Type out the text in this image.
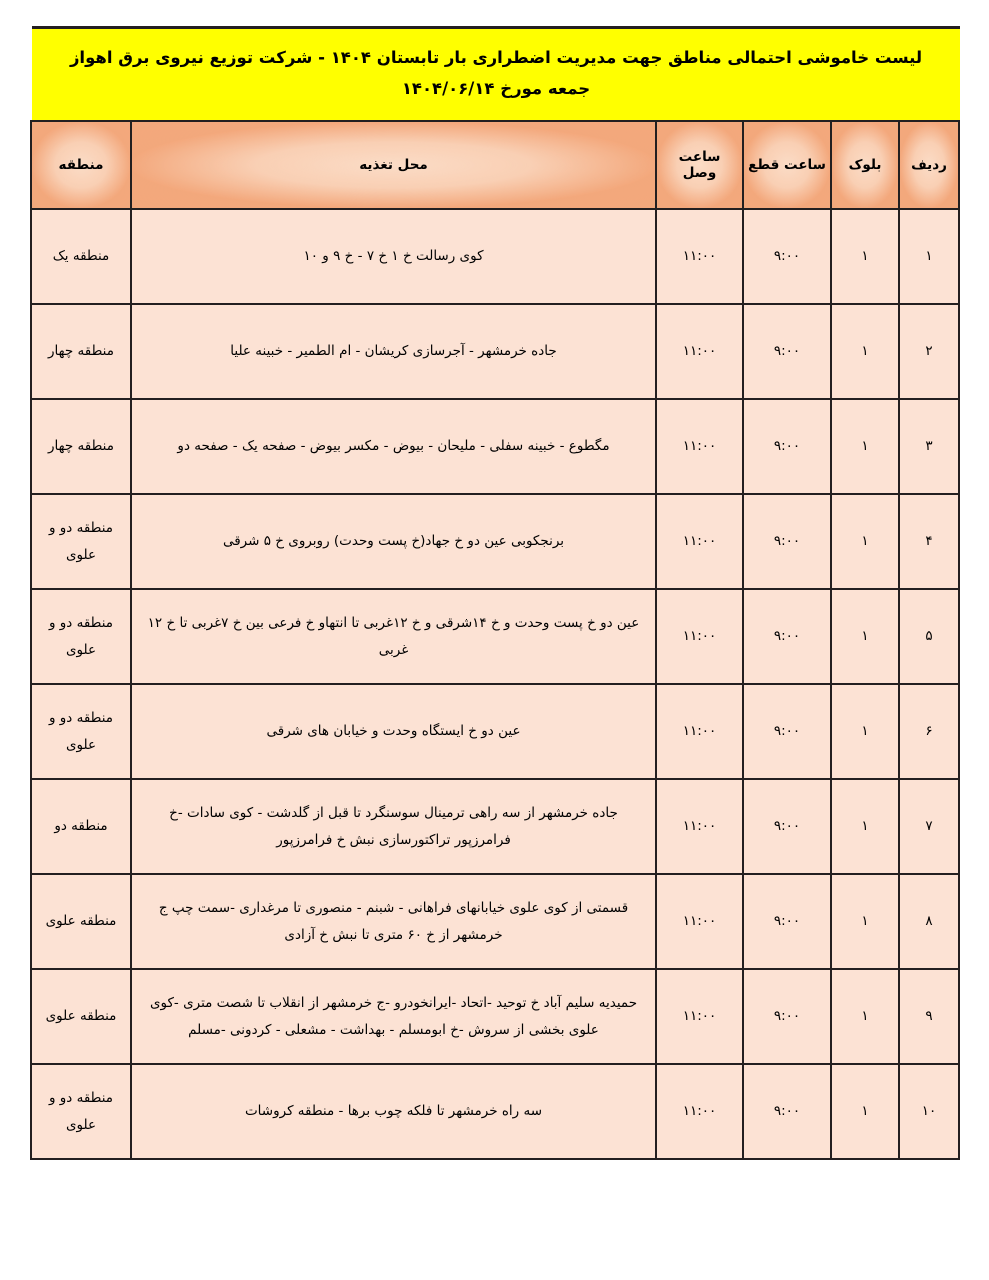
لیست خاموشی احتمالی مناطق جهت مدیریت اضطراری بار تابستان ۱۴۰۴ - شرکت توزیع نیروی برق اهواز
جمعه مورخ ۱۴۰۴/۰۶/۱۴
ردیف	بلوک	ساعت قطع	ساعت وصل	محل تغذیه	منطقه
۱	۱	۹:۰۰	۱۱:۰۰	کوی رسالت خ ۱ خ ۷ - خ ۹ و ۱۰	منطقه یک
۲	۱	۹:۰۰	۱۱:۰۰	جاده خرمشهر - آجرسازی کریشان - ام الطمیر - خبینه علیا	منطقه چهار
۳	۱	۹:۰۰	۱۱:۰۰	مگطوع - خبینه سفلی - ملیحان - بیوض - مکسر بیوض - صفحه یک - صفحه دو	منطقه چهار
۴	۱	۹:۰۰	۱۱:۰۰	برنجکوبی عین دو خ جهاد(خ پست وحدت) روبروی خ ۵ شرقی	منطقه دو و علوی
۵	۱	۹:۰۰	۱۱:۰۰	عین دو خ پست وحدت و خ ۱۴شرقی و خ ۱۲غربی تا انتهاو خ فرعی بین خ ۷غربی تا خ ۱۲ غربی	منطقه دو و علوی
۶	۱	۹:۰۰	۱۱:۰۰	عین دو خ ایستگاه وحدت و خیابان های شرقی	منطقه دو و علوی
۷	۱	۹:۰۰	۱۱:۰۰	جاده خرمشهر از سه راهی ترمینال سوسنگرد تا قبل از گلدشت - کوی سادات -خ فرامرزپور تراکتورسازی نبش خ فرامرزپور	منطقه دو
۸	۱	۹:۰۰	۱۱:۰۰	قسمتی از کوی علوی خیابانهای فراهانی - شبنم - منصوری تا مرغداری -سمت چپ ج خرمشهر از خ ۶۰ متری تا نبش خ آزادی	منطقه علوی
۹	۱	۹:۰۰	۱۱:۰۰	حمیدیه سلیم آباد خ توحید -اتحاد -ایرانخودرو -ج خرمشهر از انقلاب تا شصت متری -کوی علوی بخشی از سروش -خ ابومسلم - بهداشت - مشعلی - کردونی -مسلم	منطقه علوی
۱۰	۱	۹:۰۰	۱۱:۰۰	سه راه خرمشهر تا فلکه چوب برها - منطقه کروشات	منطقه دو و علوی
